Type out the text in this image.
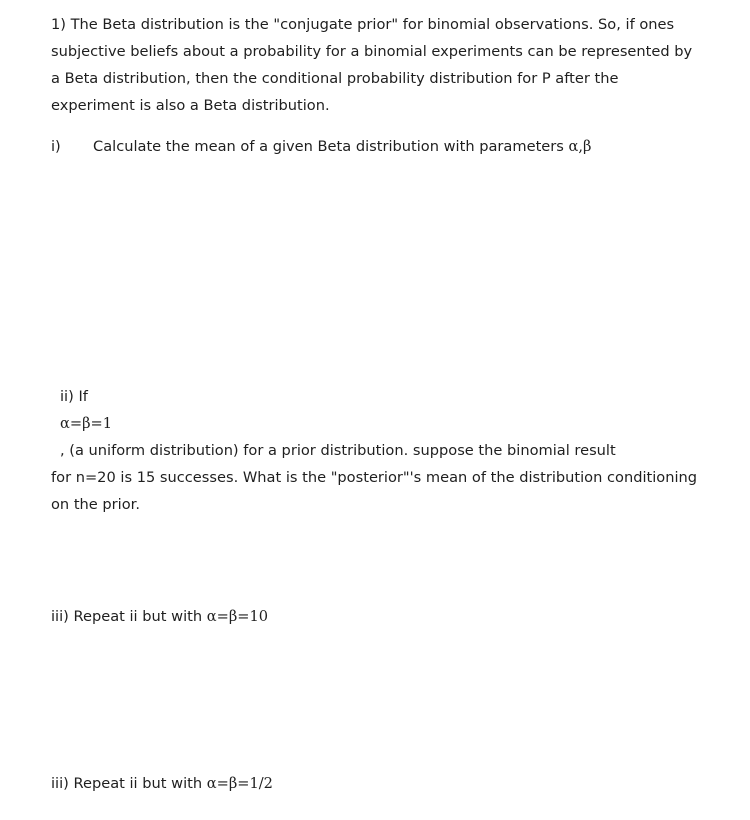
1) The Beta distribution is the "conjugate prior" for binomial observations. So, if ones
subjective beliefs about a probability for a binomial experiments can be represented by
a Beta distribution, then the conditional probability distribution for P after the
experiment is also a Beta distribution.
i) Calculate the mean of a given Beta distribution with parameters α,β
ii) If
α=β=1
, (a uniform distribution) for a prior distribution. suppose the binomial result
for n=20 is 15 successes. What is the "posterior"'s mean of the distribution conditioning
on the prior.
iii) Repeat ii but with α=β=10
iii) Repeat ii but with α=β=1/2
